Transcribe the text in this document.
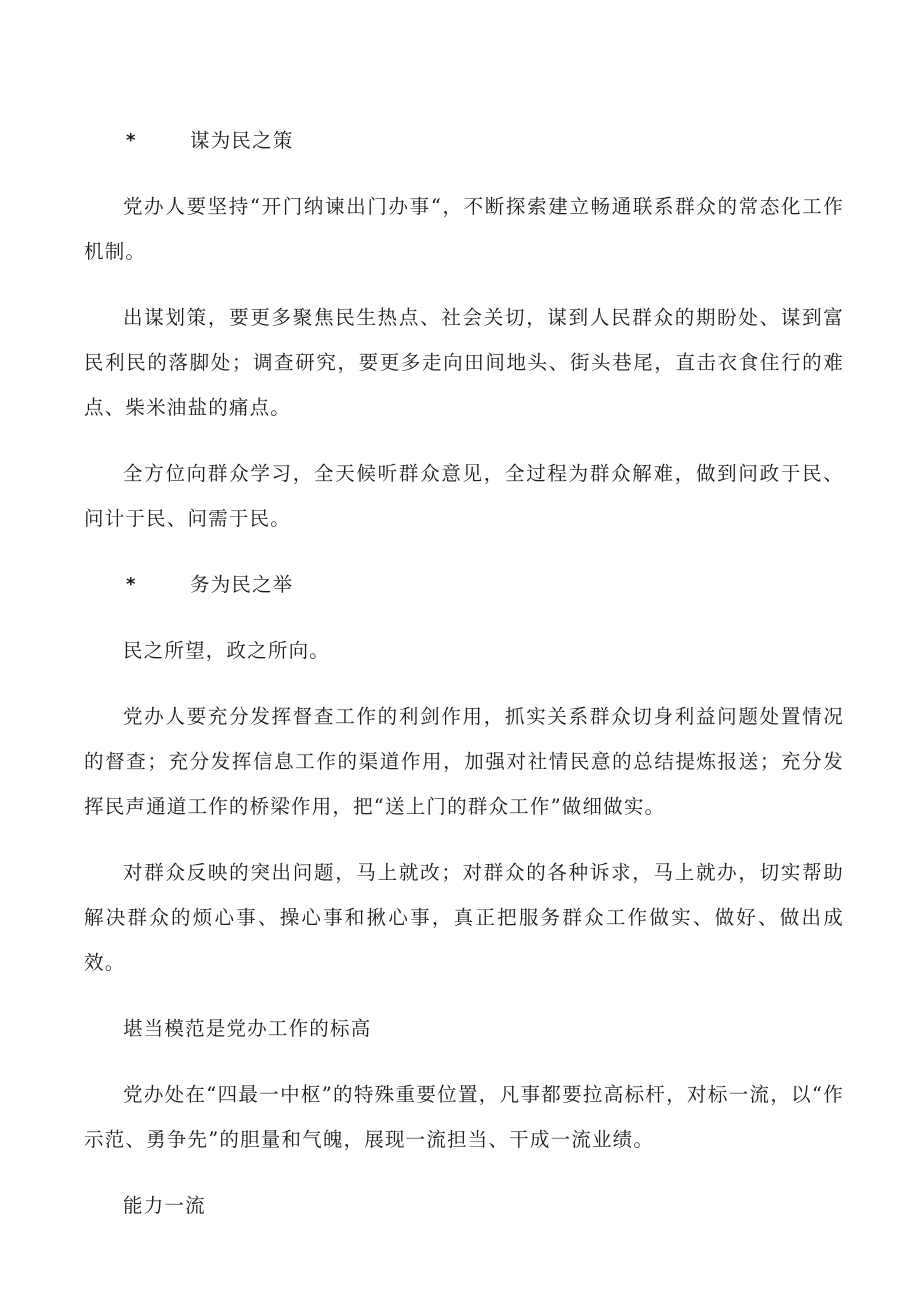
*	谋为民之策

党办人要坚持“开门纳谏出门办事“，不断探索建立畅通联系群众的常态化工作机制。

出谋划策，要更多聚焦民生热点、社会关切，谋到人民群众的期盼处、谋到富民利民的落脚处；调查研究，要更多走向田间地头、街头巷尾，直击衣食住行的难点、柴米油盐的痛点。

全方位向群众学习，全天候听群众意见，全过程为群众解难，做到问政于民、问计于民、问需于民。

*	务为民之举

民之所望，政之所向。

党办人要充分发挥督查工作的利剑作用，抓实关系群众切身利益问题处置情况的督查；充分发挥信息工作的渠道作用，加强对社情民意的总结提炼报送；充分发挥民声通道工作的桥梁作用，把“送上门的群众工作”做细做实。

对群众反映的突出问题，马上就改；对群众的各种诉求，马上就办，切实帮助解决群众的烦心事、操心事和揪心事，真正把服务群众工作做实、做好、做出成效。

堪当模范是党办工作的标高

党办处在“四最一中枢”的特殊重要位置，凡事都要拉高标杆，对标一流，以“作示范、勇争先”的胆量和气魄，展现一流担当、干成一流业绩。

能力一流
